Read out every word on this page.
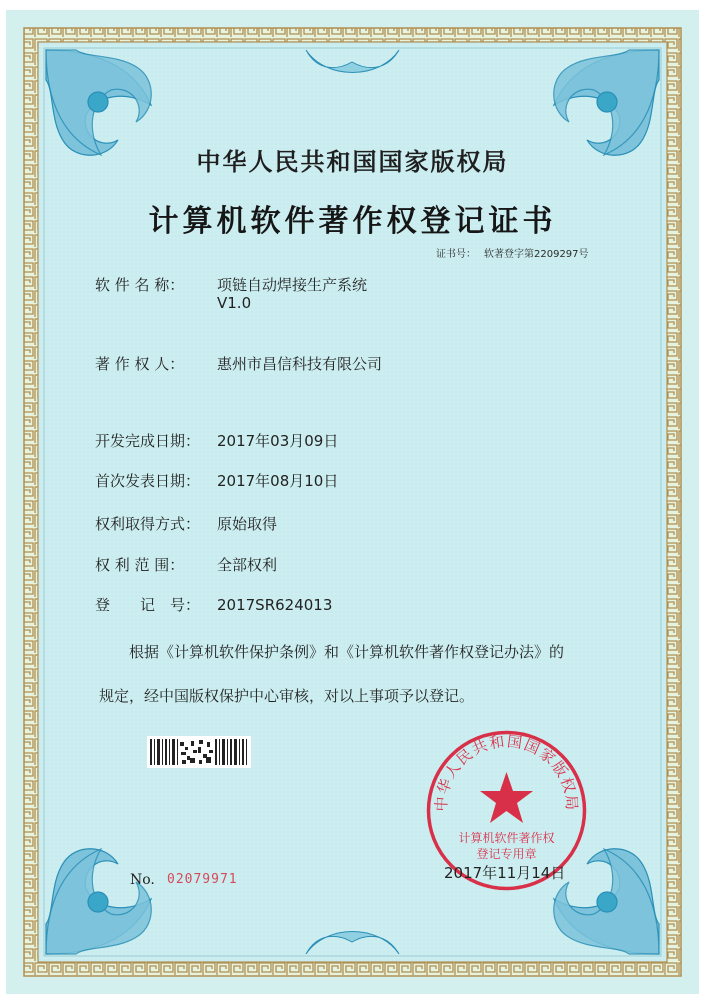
中华人民共和国国家版权局
计算机软件著作权登记证书
证书号： 软著登字第2209297号
软 件 名 称： 项链自动焊接生产系统
V1.0
著 作 权 人： 惠州市昌信科技有限公司
开发完成日期： 2017年03月09日
首次发表日期： 2017年08月10日
权利取得方式： 原始取得
权 利 范 围： 全部权利
登　　记　号： 2017SR624013
根据《计算机软件保护条例》和《计算机软件著作权登记办法》的
规定，经中国版权保护中心审核，对以上事项予以登记。
No. 02079971
中华人民共和国国家版权局
计算机软件著作权
登记专用章
2017年11月14日
